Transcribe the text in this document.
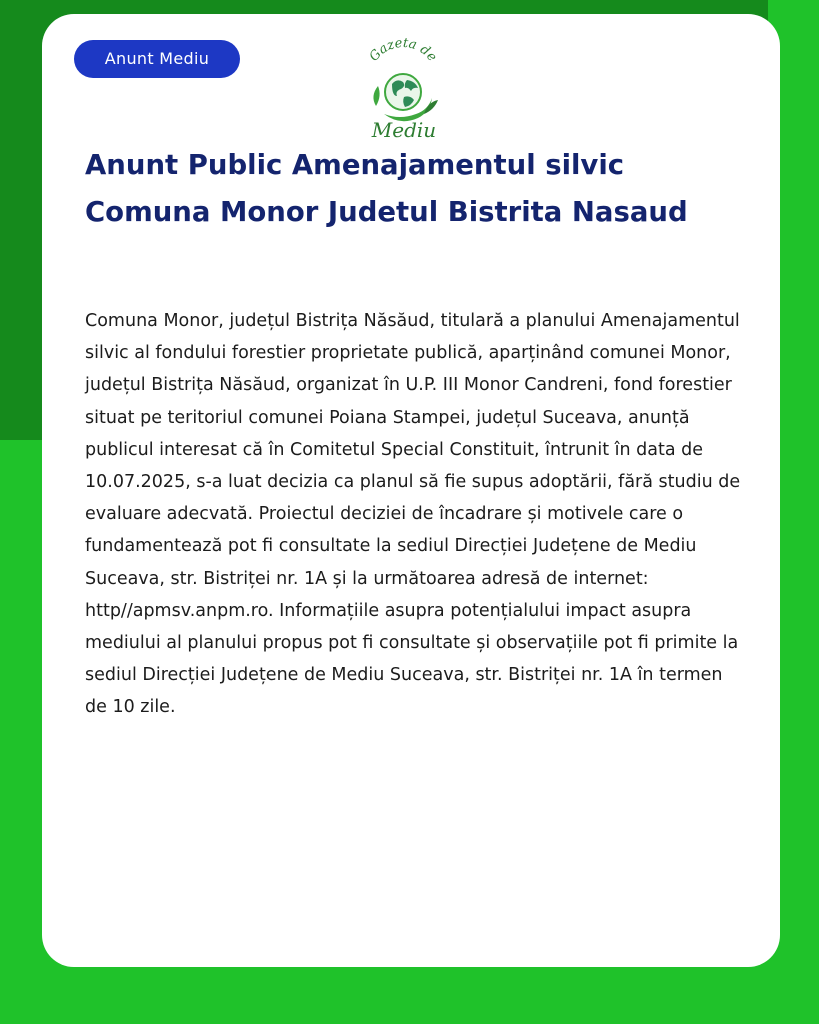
Anunt Mediu	Gazeta de
Mediu
Anunt Public Amenajamentul silvic Comuna Monor Judetul Bistrita Nasaud

Comuna Monor, județul Bistrița Năsăud, titulară a planului Amenajamentul silvic al fondului forestier proprietate publică, aparținând comunei Monor, județul Bistrița Năsăud, organizat în U.P. III Monor Candreni, fond forestier situat pe teritoriul comunei Poiana Stampei, județul Suceava, anunță publicul interesat că în Comitetul Special Constituit, întrunit în data de 10.07.2025, s-a luat decizia ca planul să fie supus adoptării, fără studiu de evaluare adecvată. Proiectul deciziei de încadrare și motivele care o fundamentează pot fi consultate la sediul Direcției Județene de Mediu Suceava, str. Bistriței nr. 1A și la următoarea adresă de internet: http//apmsv.anpm.ro. Informațiile asupra potențialului impact asupra mediului al planului propus pot fi consultate și observațiile pot fi primite la sediul Direcției Județene de Mediu Suceava, str. Bistriței nr. 1A în termen de 10 zile.
